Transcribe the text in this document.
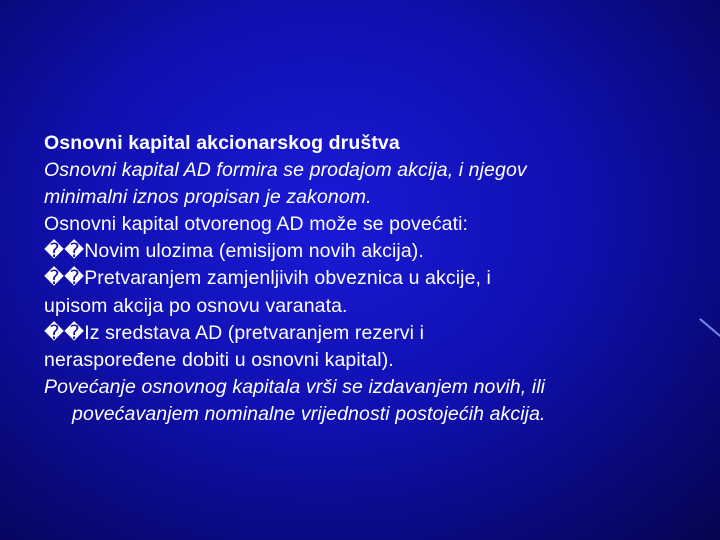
Osnovni kapital akcionarskog društva
Osnovni kapital AD formira se prodajom akcija, i njegov
minimalni iznos propisan je zakonom.
Osnovni kapital otvorenog AD može se povećati:
��Novim ulozima (emisijom novih akcija).
��Pretvaranjem zamjenljivih obveznica u akcije, i
upisom akcija po osnovu varanata.
��Iz sredstava AD (pretvaranjem rezervi i
neraspoređene dobiti u osnovni kapital).
Povećanje osnovnog kapitala vrši se izdavanjem novih, ili
povećavanjem nominalne vrijednosti postojećih akcija.
